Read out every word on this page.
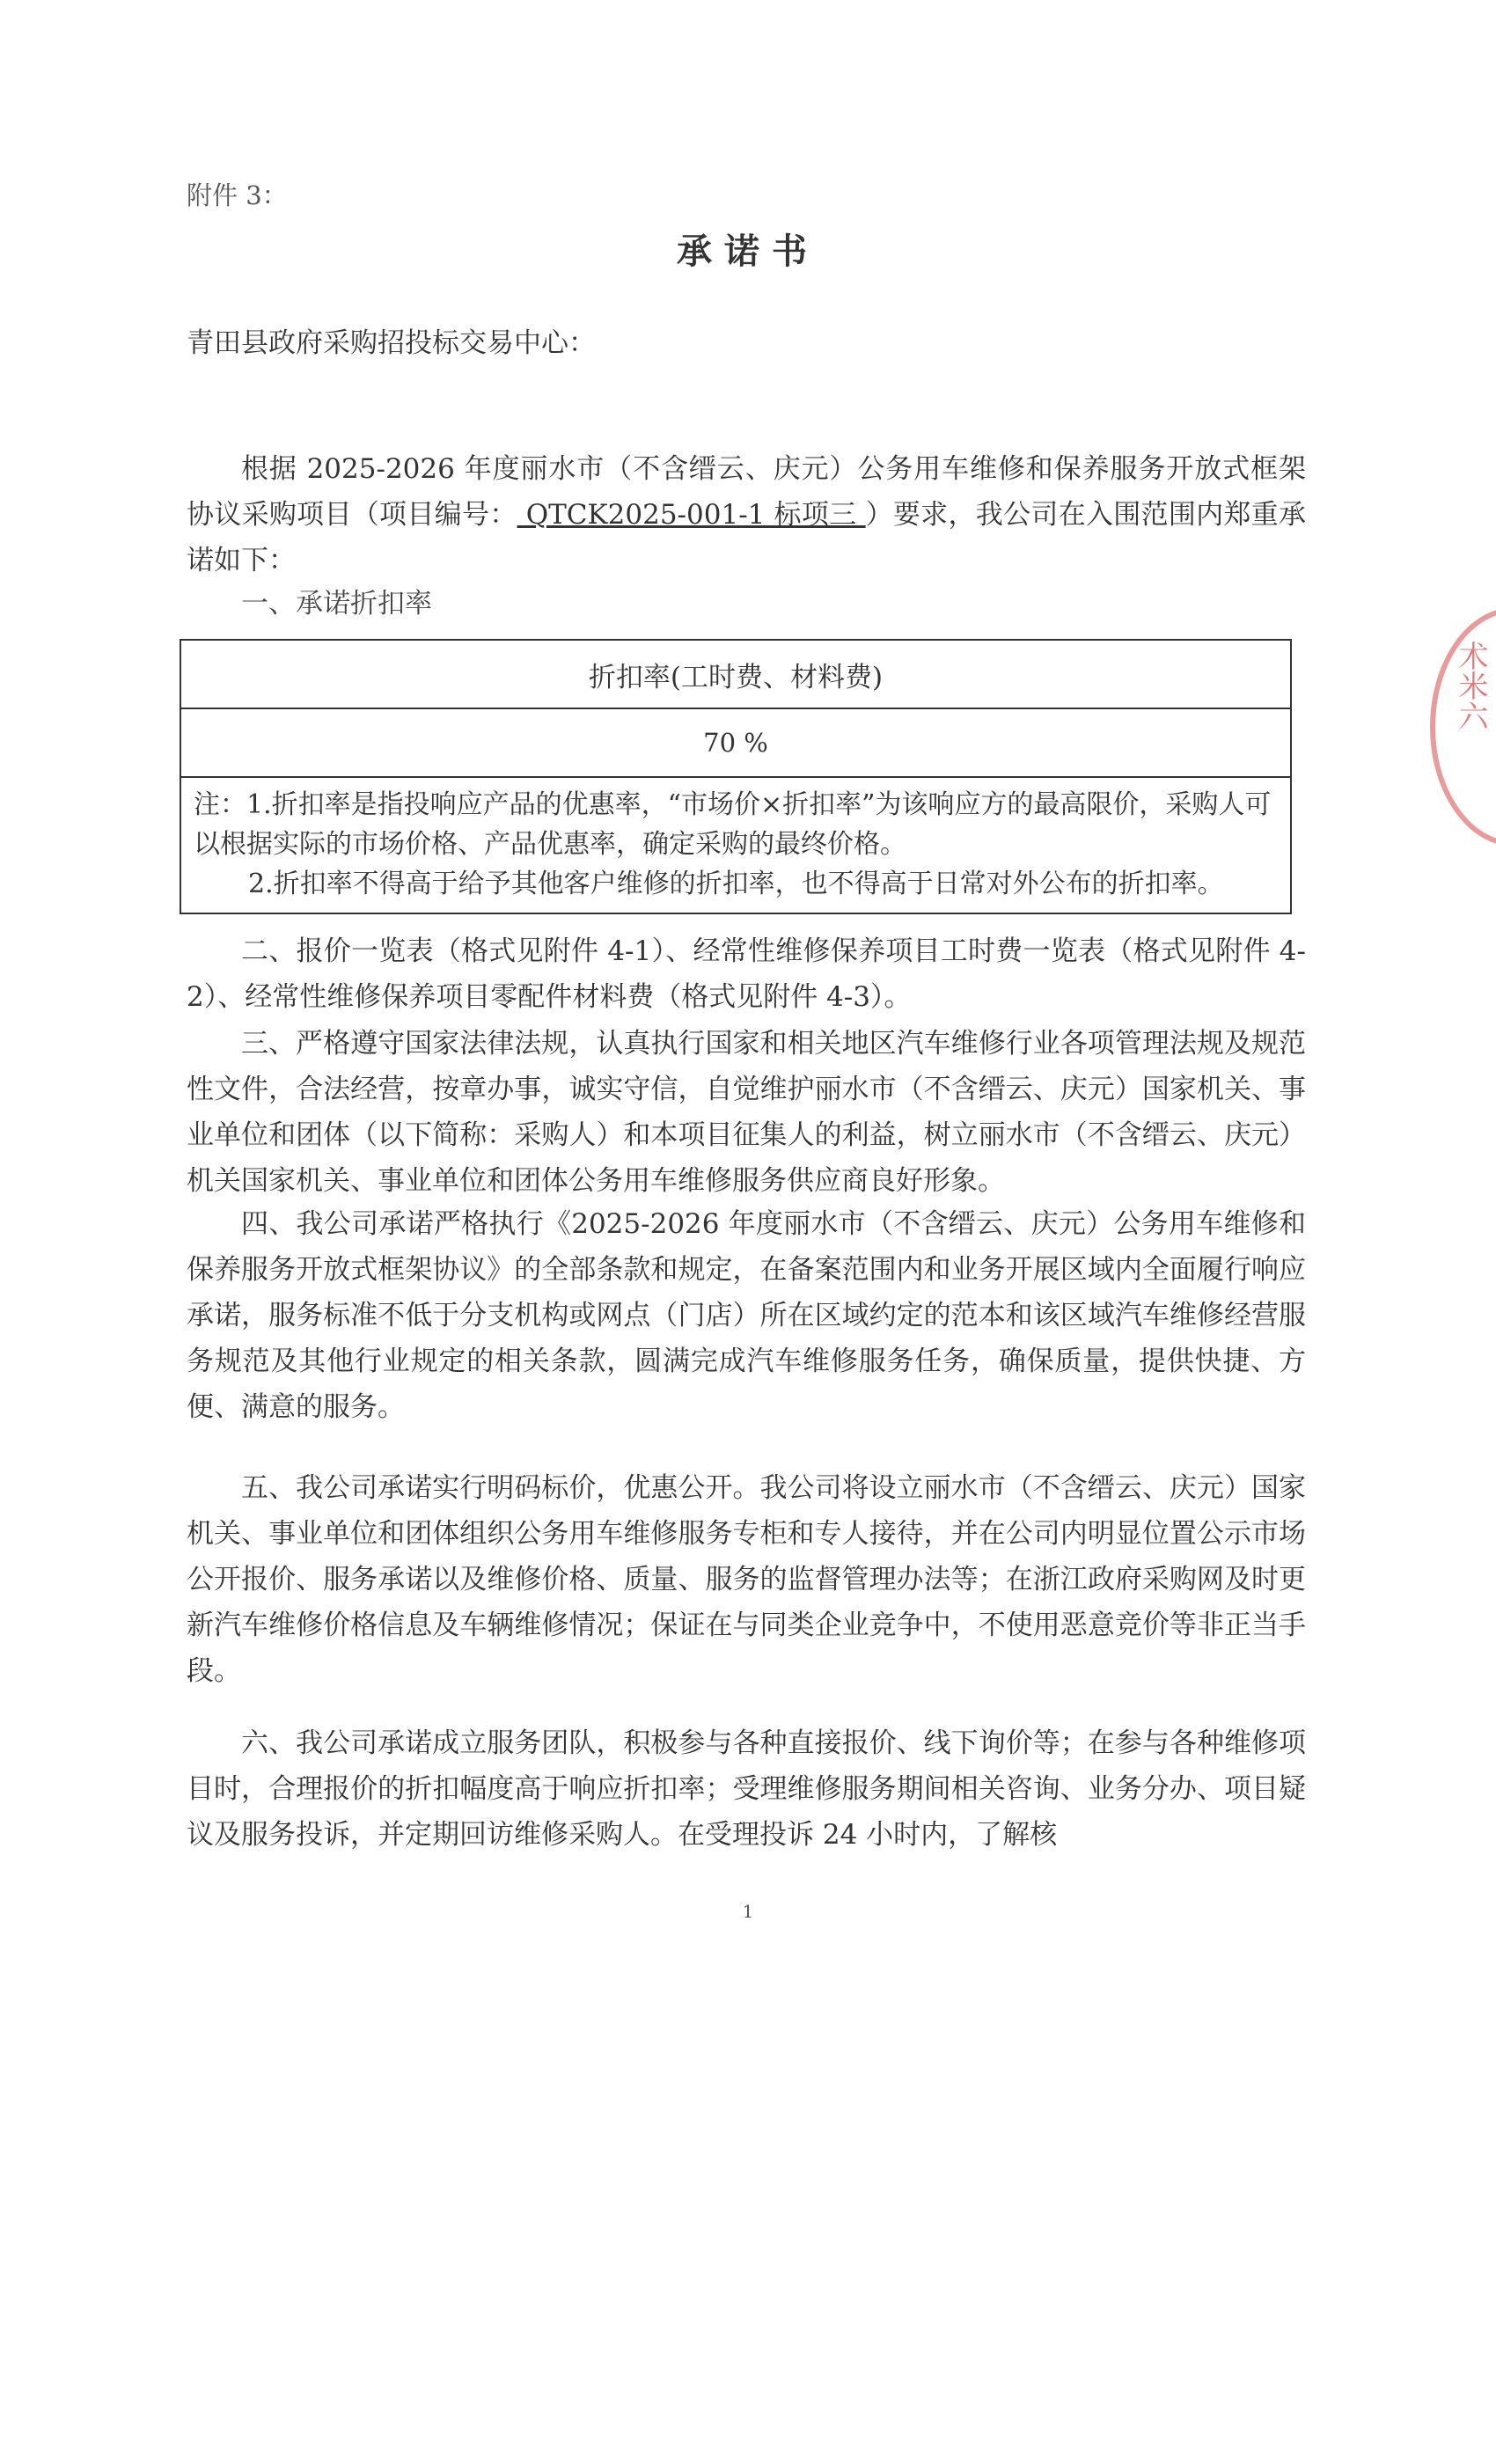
附件 3：
承诺书
青田县政府采购招投标交易中心：

根据 2025-2026 年度丽水市（不含缙云、庆元）公务用车维修和保养服务开放式框架协议采购项目（项目编号： QTCK2025-001-1 标项三 ）要求，我公司在入围范围内郑重承诺如下：

一、承诺折扣率
折扣率(工时费、材料费)
70 %

注：1.折扣率是指投响应产品的优惠率，“市场价×折扣率”为该响应方的最高限价，采购人可以根据实际的市场价格、产品优惠率，确定采购的最终价格。

2.折扣率不得高于给予其他客户维修的折扣率，也不得高于日常对外公布的折扣率。

二、报价一览表（格式见附件 4-1）、经常性维修保养项目工时费一览表（格式见附件 4-2）、经常性维修保养项目零配件材料费（格式见附件 4-3）。

三、严格遵守国家法律法规，认真执行国家和相关地区汽车维修行业各项管理法规及规范性文件，合法经营，按章办事，诚实守信，自觉维护丽水市（不含缙云、庆元）国家机关、事业单位和团体（以下简称：采购人）和本项目征集人的利益，树立丽水市（不含缙云、庆元）机关国家机关、事业单位和团体公务用车维修服务供应商良好形象。

四、我公司承诺严格执行《2025-2026 年度丽水市（不含缙云、庆元）公务用车维修和保养服务开放式框架协议》的全部条款和规定，在备案范围内和业务开展区域内全面履行响应承诺，服务标准不低于分支机构或网点（门店）所在区域约定的范本和该区域汽车维修经营服务规范及其他行业规定的相关条款，圆满完成汽车维修服务任务，确保质量，提供快捷、方便、满意的服务。

五、我公司承诺实行明码标价，优惠公开。我公司将设立丽水市（不含缙云、庆元）国家机关、事业单位和团体组织公务用车维修服务专柜和专人接待，并在公司内明显位置公示市场公开报价、服务承诺以及维修价格、质量、服务的监督管理办法等；在浙江政府采购网及时更新汽车维修价格信息及车辆维修情况；保证在与同类企业竞争中，不使用恶意竞价等非正当手段。

六、我公司承诺成立服务团队，积极参与各种直接报价、线下询价等；在参与各种维修项目时，合理报价的折扣幅度高于响应折扣率；受理维修服务期间相关咨询、业务分办、项目疑议及服务投诉，并定期回访维修采购人。在受理投诉 24 小时内，了解核

1
术米六
